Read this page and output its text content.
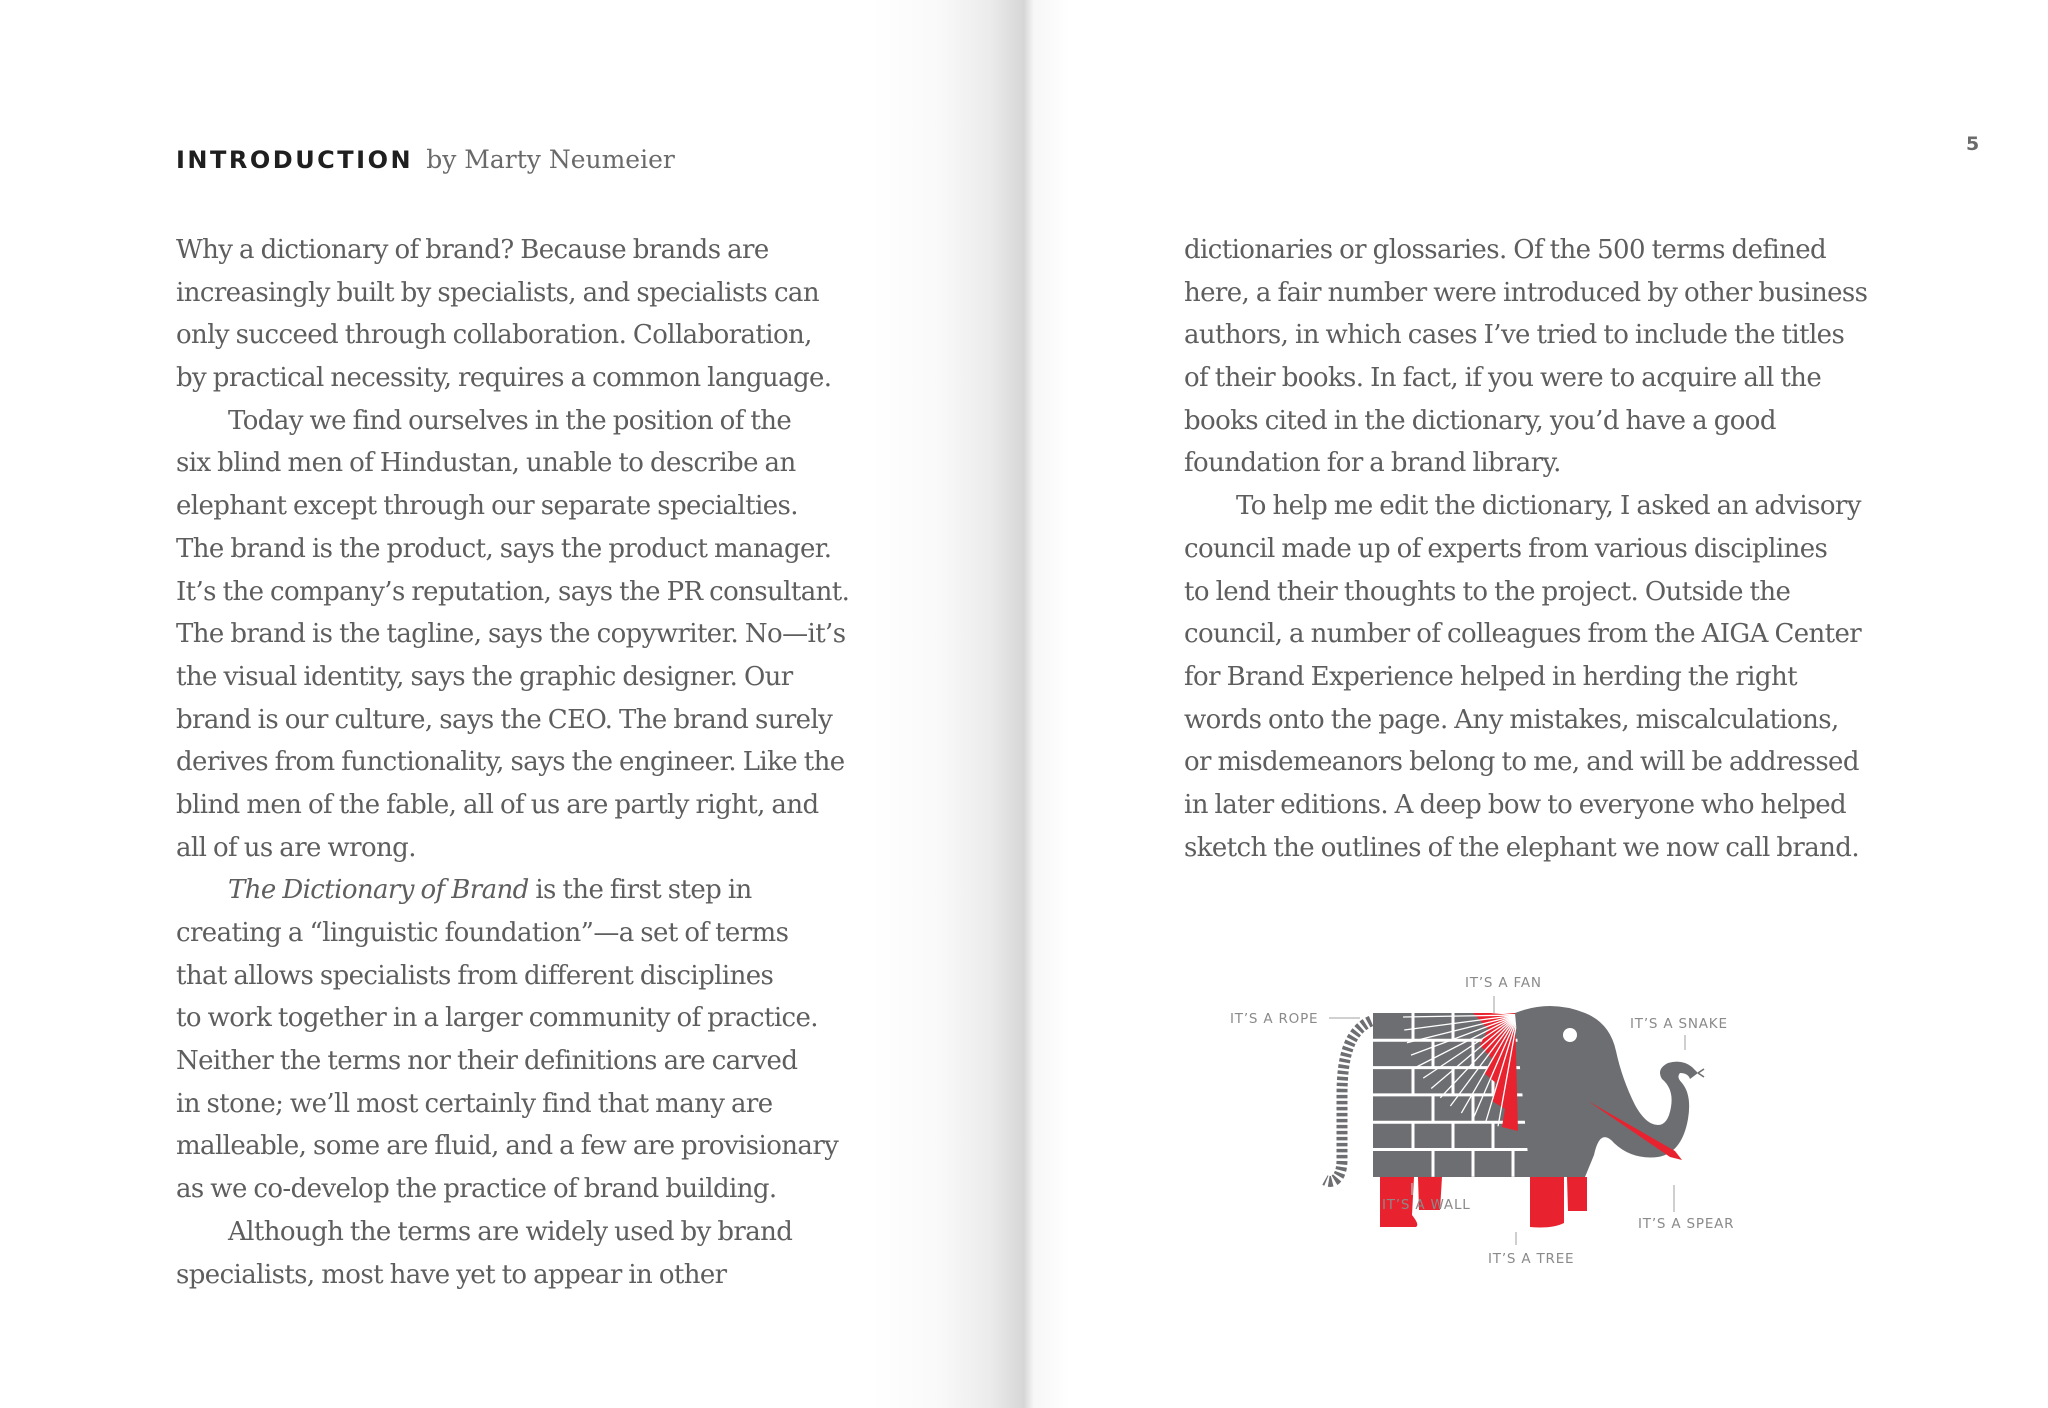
5
INTRODUCTION by Marty Neumeier
Why a dictionary of brand? Because brands are
increasingly built by specialists, and specialists can
only succeed through collaboration. Collaboration,
by practical necessity, requires a common language.
Today we find ourselves in the position of the
six blind men of Hindustan, unable to describe an
elephant except through our separate specialties.
The brand is the product, says the product manager.
It’s the company’s reputation, says the PR consultant.
The brand is the tagline, says the copywriter. No—it’s
the visual identity, says the graphic designer. Our
brand is our culture, says the CEO. The brand surely
derives from functionality, says the engineer. Like the
blind men of the fable, all of us are partly right, and
all of us are wrong.
The Dictionary of Brand is the first step in
creating a “linguistic foundation”—a set of terms
that allows specialists from different disciplines
to work together in a larger community of practice.
Neither the terms nor their definitions are carved
in stone; we’ll most certainly find that many are
malleable, some are fluid, and a few are provisionary
as we co-develop the practice of brand building.
Although the terms are widely used by brand
specialists, most have yet to appear in other
dictionaries or glossaries. Of the 500 terms defined
here, a fair number were introduced by other business
authors, in which cases I’ve tried to include the titles
of their books. In fact, if you were to acquire all the
books cited in the dictionary, you’d have a good
foundation for a brand library.
To help me edit the dictionary, I asked an advisory
council made up of experts from various disciplines
to lend their thoughts to the project. Outside the
council, a number of colleagues from the AIGA Center
for Brand Experience helped in herding the right
words onto the page. Any mistakes, miscalculations,
or misdemeanors belong to me, and will be addressed
in later editions. A deep bow to everyone who helped
sketch the outlines of the elephant we now call brand.
IT’S A FAN
IT’S A ROPE	IT’S A SNAKE
IT’S A WALL
IT’S A SPEAR
IT’S A TREE
